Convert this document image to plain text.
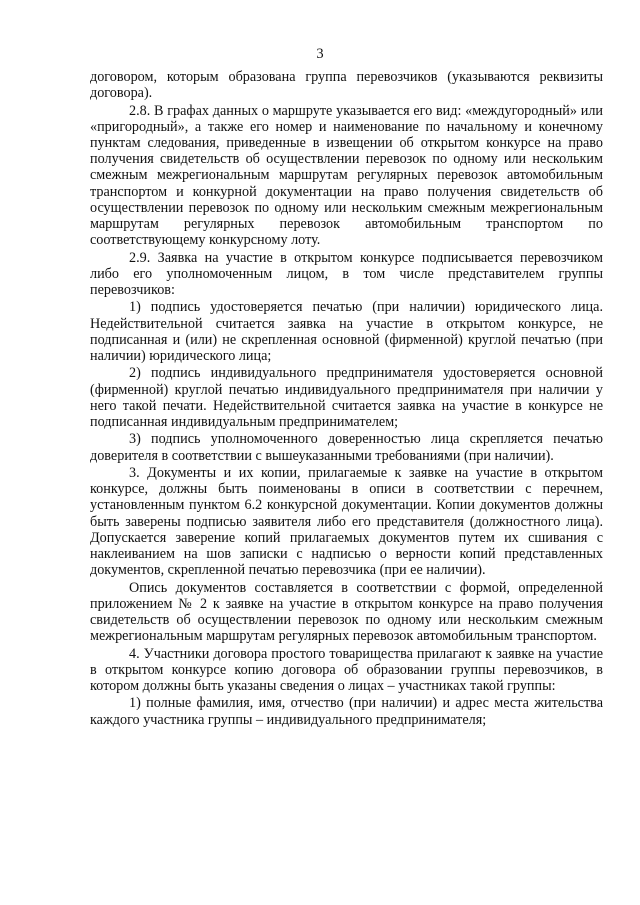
3

договором, которым образована группа перевозчиков (указываются реквизиты договора).

2.8. В графах данных о маршруте указывается его вид: «междугородный» или «пригородный», а также его номер и наименование по начальному и конечному пунктам следования, приведенные в извещении об открытом конкурсе на право получения свидетельств об осуществлении перевозок по одному или нескольким смежным межрегиональным маршрутам регулярных перевозок автомобильным транспортом и конкурной документации на право получения свидетельств об осуществлении перевозок по одному или нескольким смежным межрегиональным маршрутам регулярных перевозок автомобильным транспортом по соответствующему конкурсному лоту.

2.9. Заявка на участие в открытом конкурсе подписывается перевозчиком либо его уполномоченным лицом, в том числе представителем группы перевозчиков:

1) подпись удостоверяется печатью (при наличии) юридического лица. Недействительной считается заявка на участие в открытом конкурсе, не подписанная и (или) не скрепленная основной (фирменной) круглой печатью (при наличии) юридического лица;

2) подпись индивидуального предпринимателя удостоверяется основной (фирменной) круглой печатью индивидуального предпринимателя при наличии у него такой печати. Недействительной считается заявка на участие в конкурсе не подписанная индивидуальным предпринимателем;

3) подпись уполномоченного доверенностью лица скрепляется печатью доверителя в соответствии с вышеуказанными требованиями (при наличии).

3. Документы и их копии, прилагаемые к заявке на участие в открытом конкурсе, должны быть поименованы в описи в соответствии с перечнем, установленным пунктом 6.2 конкурсной документации. Копии документов должны быть заверены подписью заявителя либо его представителя (должностного лица). Допускается заверение копий прилагаемых документов путем их сшивания с наклеиванием на шов записки с надписью о верности копий представленных документов, скрепленной печатью перевозчика (при ее наличии).

Опись документов составляется в соответствии с формой, определенной приложением № 2 к заявке на участие в открытом конкурсе на право получения свидетельств об осуществлении перевозок по одному или нескольким смежным межрегиональным маршрутам регулярных перевозок автомобильным транспортом.

4. Участники договора простого товарищества прилагают к заявке на участие в открытом конкурсе копию договора об образовании группы перевозчиков, в котором должны быть указаны сведения о лицах – участниках такой группы:

1) полные фамилия, имя, отчество (при наличии) и адрес места жительства каждого участника группы – индивидуального предпринимателя;
